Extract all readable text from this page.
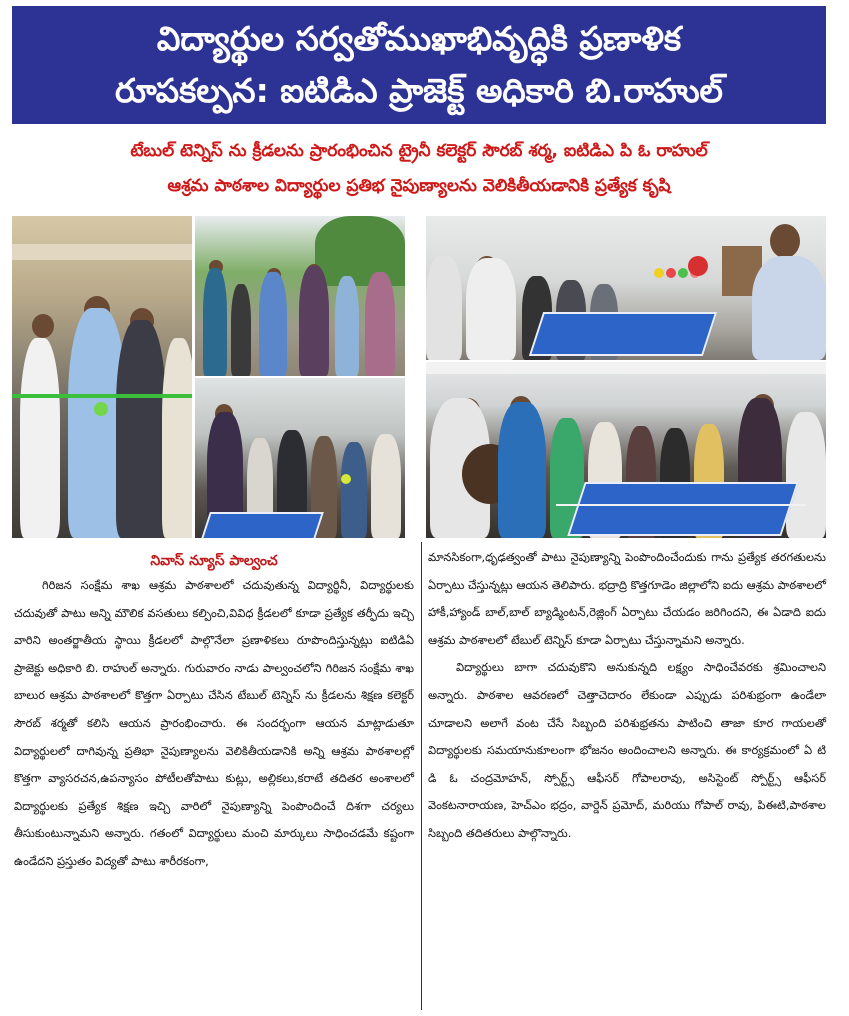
విద్యార్థుల సర్వతోముఖాభివృద్ధికి ప్రణాళిక
రూపకల్పన: ఐటిడిఎ ప్రాజెక్ట్ అధికారి బి.రాహుల్
టేబుల్ టెన్నిస్ ను క్రీడలను ప్రారంభించిన ట్రైనీ కలెక్టర్ సౌరబ్ శర్మ, ఐటిడిఎ పి ఓ రాహుల్
ఆశ్రమ పాఠశాల విద్యార్థుల ప్రతిభ నైపుణ్యాలను వెలికితీయడానికి ప్రత్యేక కృషి
నివాస్ న్యూస్ పాల్వంచ

గిరిజన సంక్షేమ శాఖ ఆశ్రమ పాఠశాలలో చదువుతున్న విద్యార్థినీ, విద్యార్థులకు చదువుతో పాటు అన్ని మౌలిక వసతులు కల్పించి,వివిధ క్రీడలలో కూడా ప్రత్యేక తర్ఫీదు ఇచ్చి వారిని అంతర్జాతీయ స్థాయి క్రీడలలో పాల్గొనేలా ప్రణాళికలు రూపొందిస్తున్నట్లు ఐటిడిఏ ప్రాజెక్టు అధికారి బి. రాహుల్ అన్నారు. గురువారం నాడు పాల్వంచలోని గిరిజన సంక్షేమ శాఖ బాలుర ఆశ్రమ పాఠశాలలో కొత్తగా ఏర్పాటు చేసిన టేబుల్ టెన్నిస్ ను క్రీడలను శిక్షణ కలెక్టర్ సౌరబ్ శర్మతో కలిసి ఆయన ప్రారంభించారు. ఈ సందర్భంగా ఆయన మాట్లాడుతూ విద్యార్థులలో దాగివున్న ప్రతిభా నైపుణ్యాలను వెలికితీయడానికి అన్ని ఆశ్రమ పాఠశాలల్లో కొత్తగా వ్యాసరచన,ఉపన్యాసం పోటీలతోపాటు కుట్లు, అల్లికలు,కరాటే తదితర అంశాలలో విద్యార్థులకు ప్రత్యేక శిక్షణ ఇచ్చి వారిలో నైపుణ్యాన్ని పెంపొందించే దిశగా చర్యలు తీసుకుంటున్నామని అన్నారు. గతంలో విద్యార్థులు మంచి మార్కులు సాధించడమే కష్టంగా ఉండేదని ప్రస్తుతం విద్యతో పాటు శారీరకంగా,

మానసికంగా,ధృఢత్వంతో పాటు నైపుణ్యాన్ని పెంపొందించేందుకు గాను ప్రత్యేక తరగతులను ఏర్పాటు చేస్తున్నట్లు ఆయన తెలిపారు. భద్రాద్రి కొత్తగూడెం జిల్లాలోని ఐదు ఆశ్రమ పాఠశాలలో హాకీ,హ్యాండ్ బాల్,బాల్ బ్యాడ్మింటన్,రెజ్లింగ్ ఏర్పాటు చేయడం జరిగిందని, ఈ ఏడాది ఐదు ఆశ్రమ పాఠశాలలో టేబుల్ టెన్నిస్ కూడా ఏర్పాటు చేస్తున్నామని అన్నారు.

విద్యార్థులు బాగా చదువుకొని అనుకున్నది లక్ష్యం సాధించేవరకు శ్రమించాలని అన్నారు. పాఠశాల ఆవరణలో చెత్తాచెదారం లేకుండా ఎప్పుడు పరిశుభ్రంగా ఉండేలా చూడాలని అలాగే వంట చేసే సిబ్బంది పరిశుభ్రతను పాటించి తాజా కూర గాయలతో విద్యార్థులకు సమయానుకూలంగా భోజనం అందించాలని అన్నారు. ఈ కార్యక్రమంలో ఏ టి డి ఓ చంద్రమోహన్, స్పోర్ట్స్ ఆఫీసర్ గోపాలరావు, అసిస్టెంట్ స్పోర్ట్స్ ఆఫీసర్ వెంకటనారాయణ, హెచ్ఎం భద్రం, వార్డెన్ ప్రమోద్, మరియు గోపాల్ రావు, పిఈటి,పాఠశాల సిబ్బంది తదితరులు పాల్గొన్నారు.
